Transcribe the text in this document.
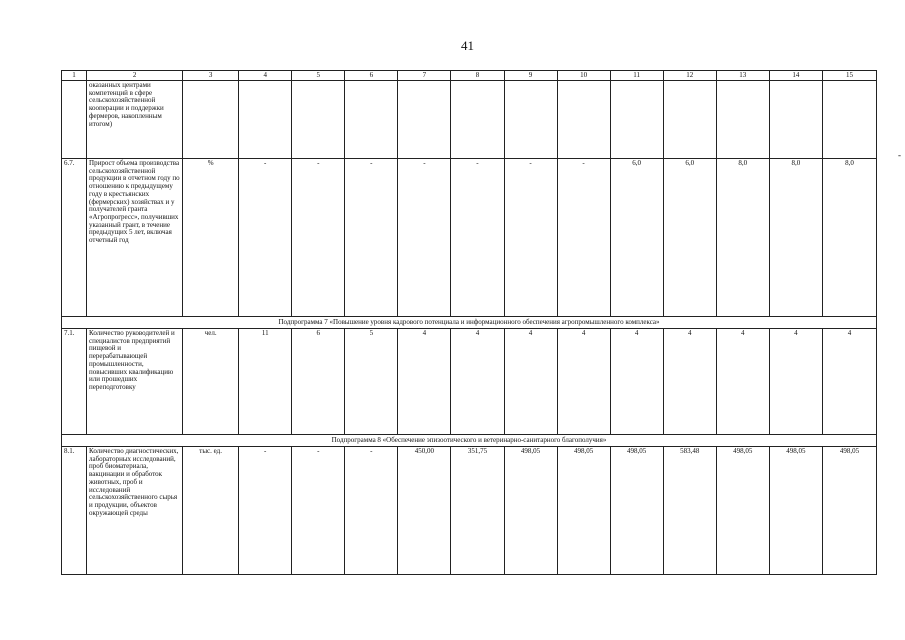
41
-
1	2	3	4	5	6	7	8	9	10	11	12	13	14	15
	оказанных центрами компетенций в сфере сельскохозяйственной кооперации и поддержки фермеров, накопленным итогом)													
6.7.	Прирост объема производства сельскохозяйственной продукции в отчетном году по отношению к предыдущему году в крестьянских (фермерских) хозяйствах и у получателей гранта «Агропрогресс», получивших указанный грант, в течение предыдущих 5 лет, включая отчетный год	%	-	-	-	-	-	-	-	6,0	6,0	8,0	8,0	8,0
Подпрограмма 7 «Повышение уровня кадрового потенциала и информационного обеспечения агропромышленного комплекса»														
7.1.	Количество руководителей и специалистов предприятий пищевой и перерабатывающей промышленности, повысивших квалификацию или прошедших переподготовку	чел.	11	6	5	4	4	4	4	4	4	4	4	4
Подпрограмма 8 «Обеспечение эпизоотического и ветеринарно-санитарного благополучия»														
8.1.	Количество диагностических, лабораторных исследований, проб биоматериала, вакцинации и обработок животных, проб и исследований сельскохозяйственного сырья и продукции, объектов окружающей среды	тыс. ед.	-	-	-	450,00	351,75	498,05	498,05	498,05	583,48	498,05	498,05	498,05
